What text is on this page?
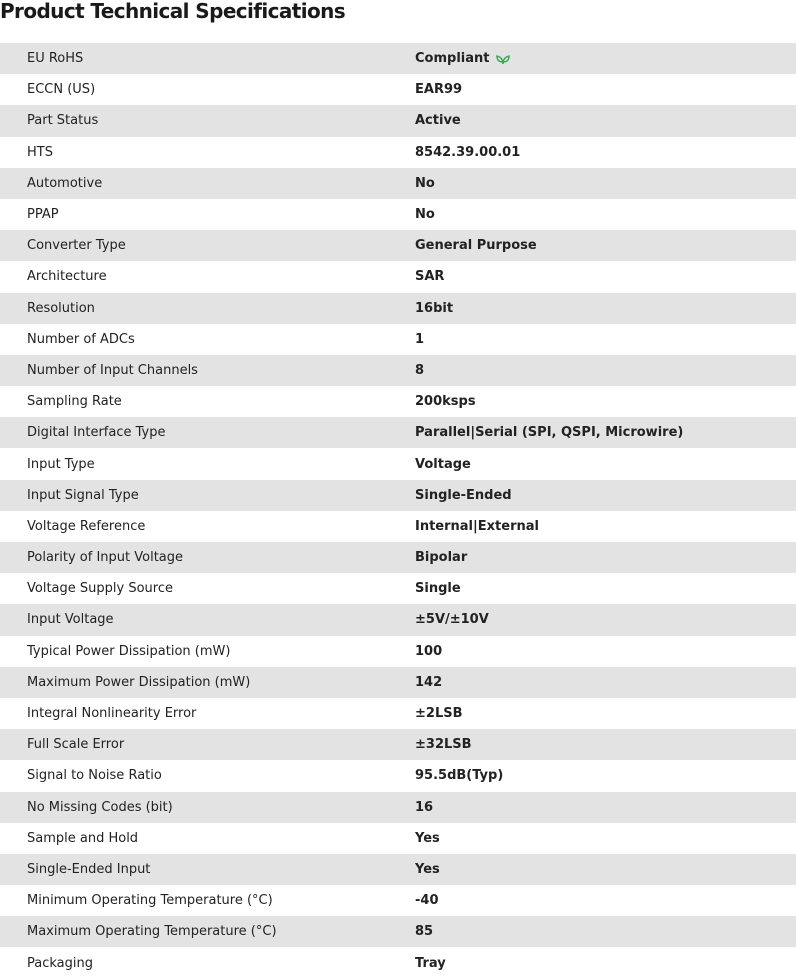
Product Technical Specifications
EU RoHS	Compliant
ECCN (US)	EAR99
Part Status	Active
HTS	8542.39.00.01
Automotive	No
PPAP	No
Converter Type	General Purpose
Architecture	SAR
Resolution	16bit
Number of ADCs	1
Number of Input Channels	8
Sampling Rate	200ksps
Digital Interface Type	Parallel|Serial (SPI, QSPI, Microwire)
Input Type	Voltage
Input Signal Type	Single-Ended
Voltage Reference	Internal|External
Polarity of Input Voltage	Bipolar
Voltage Supply Source	Single
Input Voltage	±5V/±10V
Typical Power Dissipation (mW)	100
Maximum Power Dissipation (mW)	142
Integral Nonlinearity Error	±2LSB
Full Scale Error	±32LSB
Signal to Noise Ratio	95.5dB(Typ)
No Missing Codes (bit)	16
Sample and Hold	Yes
Single-Ended Input	Yes
Minimum Operating Temperature (°C)	-40
Maximum Operating Temperature (°C)	85
Packaging	Tray
